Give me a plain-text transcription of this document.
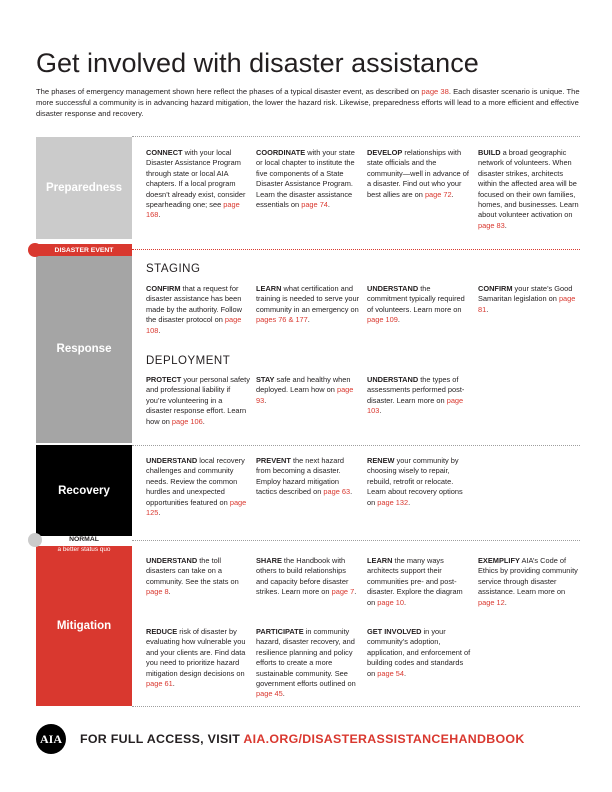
Get involved with disaster assistance

The phases of emergency management shown here reflect the phases of a typical disaster event, as described on page 38. Each disaster scenario is unique. The more successful a community is in advancing hazard mitigation, the lower the hazard risk. Likewise, preparedness efforts will lead to a more efficient and effective disaster response and recovery.

Preparedness
Response
Recovery
Mitigation
DISASTER EVENT
NORMAL
a better status quo
STAGING
DEPLOYMENT
CONNECT with your local Disaster Assistance Program through state or local AIA chapters. If a local program doesn’t already exist, consider spearheading one; see page 168.
COORDINATE with your state or local chapter to institute the five components of a State Disaster Assistance Program. Learn the disaster assistance essentials on page 74.
DEVELOP relationships with state officials and the community—well in advance of a disaster. Find out who your best allies are on page 72.
BUILD a broad geographic network of volunteers. When disaster strikes, architects within the affected area will be focused on their own families, homes, and businesses. Learn about volunteer activation on page 83.
CONFIRM that a request for disaster assistance has been made by the authority. Follow the disaster protocol on page 108.
LEARN what certification and training is needed to serve your community in an emergency on pages 76 & 177.
UNDERSTAND the commitment typically required of volunteers. Learn more on page 109.
CONFIRM your state’s Good Samaritan legislation on page 81.
PROTECT your personal safety and professional liability if you’re volunteering in a disaster response effort. Learn how on page 106.
STAY safe and healthy when deployed. Learn how on page 93.
UNDERSTAND the types of assessments performed post-disaster. Learn more on page 103.
UNDERSTAND local recovery challenges and community needs. Review the common hurdles and unexpected opportunities featured on page 125.
PREVENT the next hazard from becoming a disaster. Employ hazard mitigation tactics described on page 63.
RENEW your community by choosing wisely to repair, rebuild, retrofit or relocate. Learn about recovery options on page 132.
UNDERSTAND the toll disasters can take on a community. See the stats on page 8.
SHARE the Handbook with others to build relationships and capacity before disaster strikes. Learn more on page 7.
LEARN the many ways architects support their communities pre- and post-disaster. Explore the diagram on page 10.
EXEMPLIFY AIA’s Code of Ethics by providing community service through disaster assistance. Learn more on page 12.
REDUCE risk of disaster by evaluating how vulnerable you and your clients are. Find data you need to prioritize hazard mitigation design decisions on page 61.
PARTICIPATE in community hazard, disaster recovery, and resilience planning and policy efforts to create a more sustainable community. See government efforts outlined on page 45.
GET INVOLVED in your community’s adoption, application, and enforcement of building codes and standards on page 54.
AIA	FOR FULL ACCESS, VISIT AIA.ORG/DISASTERASSISTANCEHANDBOOK
